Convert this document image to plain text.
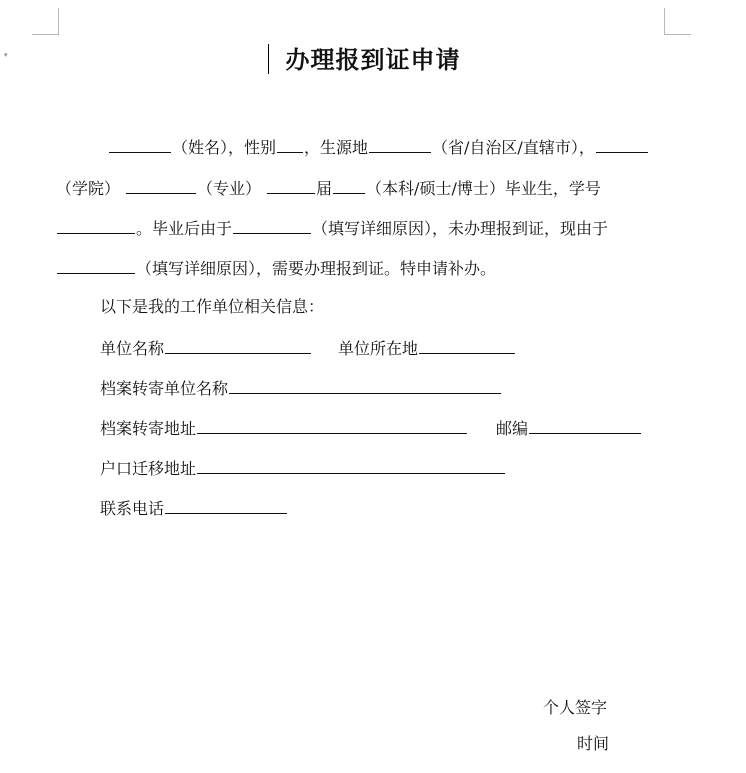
▾	办理报到证申请
（姓名），性别 ，生源地	（省/自治区/直辖市），
（学院）	（专业）	届 （本科/硕士/博士）毕业生，学号
。毕业后由于	（填写详细原因），未办理报到证，现由于
（填写详细原因），需要办理报到证。特申请补办。
以下是我的工作单位相关信息：
单位名称	单位所在地
档案转寄单位名称
档案转寄地址	邮编
户口迁移地址
联系电话
个人签字
时间
